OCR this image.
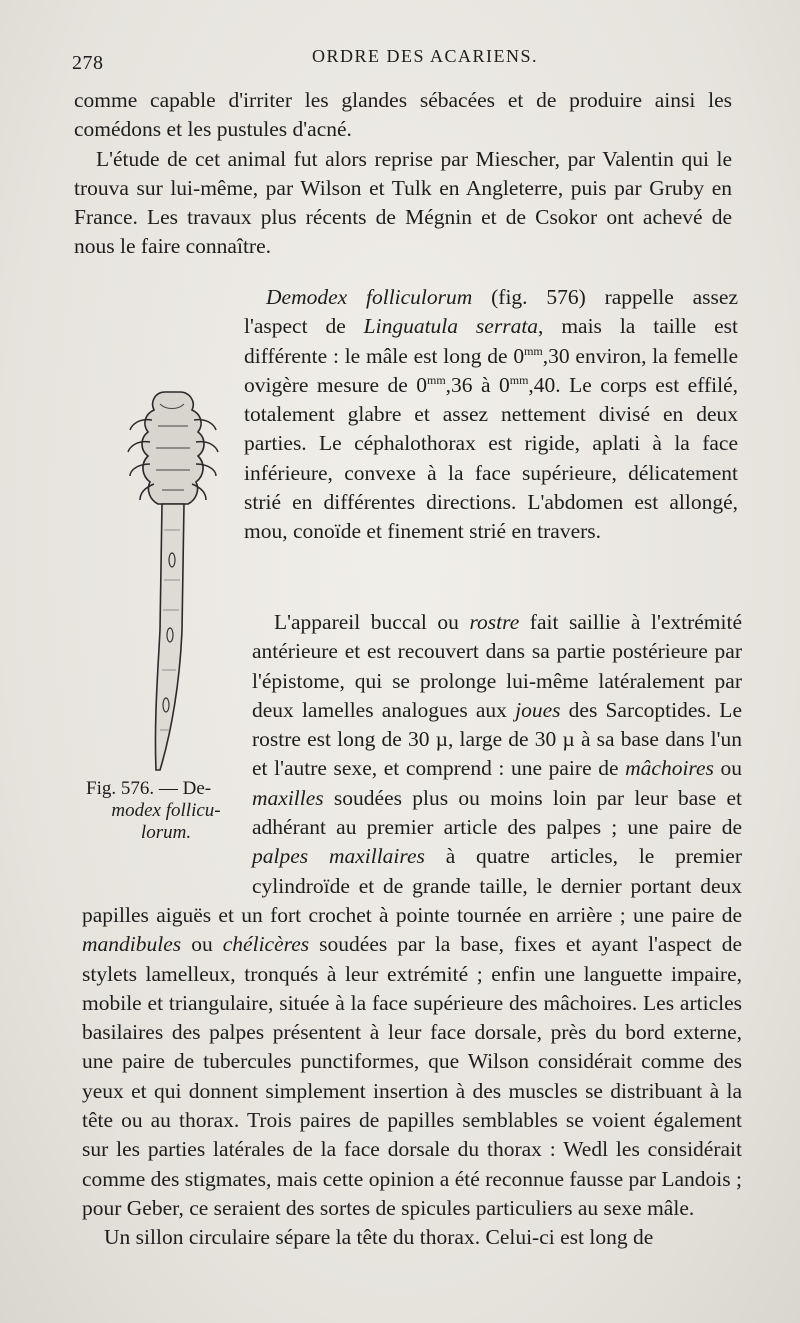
278	ORDRE DES ACARIENS.

comme capable d'irriter les glandes sébacées et de produire ainsi les comédons et les pustules d'acné.

L'étude de cet animal fut alors reprise par Miescher, par Valentin qui le trouva sur lui-même, par Wilson et Tulk en Angleterre, puis par Gruby en France. Les travaux plus récents de Mégnin et de Csokor ont achevé de nous le faire connaître.

Demodex folliculorum (fig. 576) rappelle assez l'aspect de Linguatula serrata, mais la taille est différente : le mâle est long de $0^{mm},30$ environ, la femelle ovigère mesure de $0^{mm},36$ à $0^{mm},40$. Le corps est effilé, totalement glabre et assez nettement divisé en deux parties. Le céphalothorax est rigide, aplati à la face inférieure, convexe à la face supérieure, délicatement strié en différentes directions. L'abdomen est allongé, mou, conoïde et finement strié en travers.

Fig. 576. — De-
modex follicu- lorum.

L'appareil buccal ou rostre fait saillie à l'extrémité antérieure et est recouvert dans sa partie postérieure par l'épistome, qui se prolonge lui-même latéralement par deux lamelles analogues aux joues des Sarcoptides. Le rostre est long de 30 µ, large de 30 µ à sa base dans l'un et l'autre sexe, et comprend : une paire de mâchoires ou maxilles soudées plus ou moins loin par leur base et adhérant au premier article des palpes ; une paire de palpes maxillaires à quatre articles, le premier cylindroïde et de grande taille, le dernier portant deux papilles aiguës et un fort crochet à pointe tournée en arrière ; une paire de mandibules ou chélicères soudées par la base, fixes et ayant l'aspect de stylets lamelleux, tronqués à leur extrémité ; enfin une languette impaire, mobile et triangulaire, située à la face supérieure des mâchoires. Les articles basilaires des palpes présentent à leur face dorsale, près du bord externe, une paire de tubercules punctiformes, que Wilson considérait comme des yeux et qui donnent simplement insertion à des muscles se distribuant à la tête ou au thorax. Trois paires de papilles semblables se voient également sur les parties latérales de la face dorsale du thorax : Wedl les considérait comme des stigmates, mais cette opinion a été reconnue fausse par Landois ; pour Geber, ce seraient des sortes de spicules particuliers au sexe mâle.

Un sillon circulaire sépare la tête du thorax. Celui-ci est long de
